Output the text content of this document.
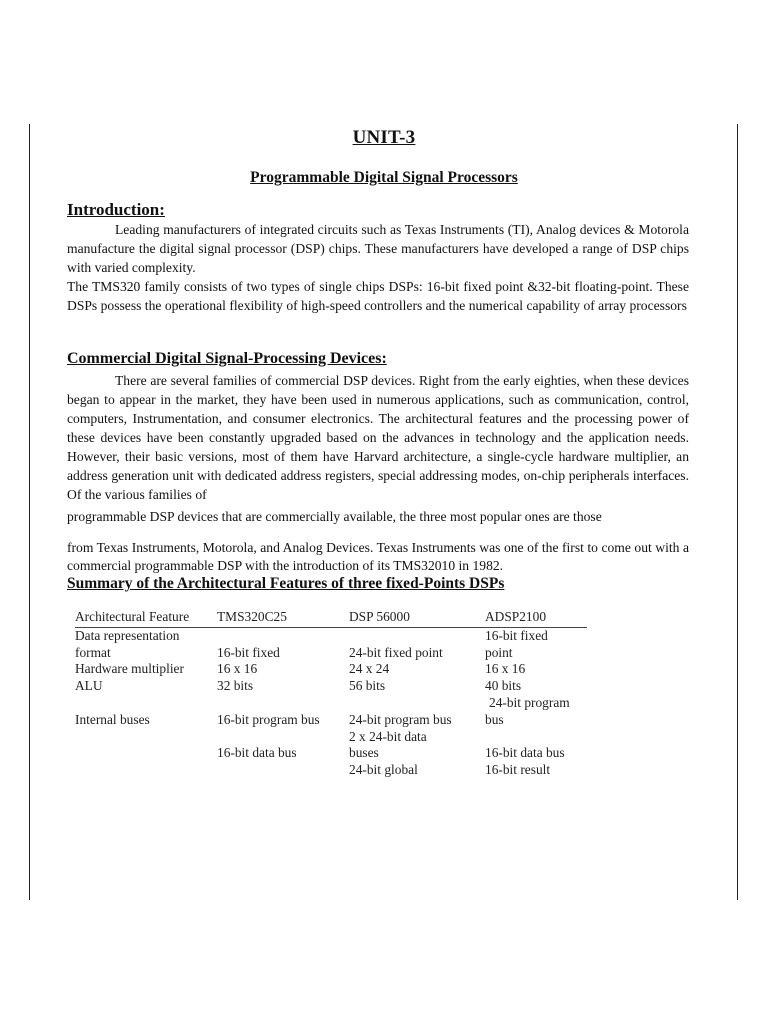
UNIT-3
Programmable Digital Signal Processors
Introduction:

Leading manufacturers of integrated circuits such as Texas Instruments (TI), Analog devices & Motorola manufacture the digital signal processor (DSP) chips. These manufacturers have developed a range of DSP chips with varied complexity.

The TMS320 family consists of two types of single chips DSPs: 16-bit fixed point &32-bit floating-point. These DSPs possess the operational flexibility of high-speed controllers and the numerical capability of array processors

Commercial Digital Signal-Processing Devices:

There are several families of commercial DSP devices. Right from the early eighties, when these devices began to appear in the market, they have been used in numerous applications, such as communication, control, computers, Instrumentation, and consumer electronics. The architectural features and the processing power of these devices have been constantly upgraded based on the advances in technology and the application needs. However, their basic versions, most of them have Harvard architecture, a single-cycle hardware multiplier, an address generation unit with dedicated address registers, special addressing modes, on-chip peripherals interfaces. Of the various families of

programmable DSP devices that are commercially available, the three most popular ones are those

from Texas Instruments, Motorola, and Analog Devices. Texas Instruments was one of the first to come out with a commercial programmable DSP with the introduction of its TMS32010 in 1982.

Summary of the Architectural Features of three fixed-Points DSPs
Architectural Feature	TMS320C25	DSP 56000	ADSP2100
Data representation			16-bit fixed
format	16-bit fixed	24-bit fixed point	point
Hardware multiplier	16 x 16	24 x 24	16 x 16
ALU	32 bits	56 bits	40 bits
			24-bit program
Internal buses	16-bit program bus	24-bit program bus	bus
		2 x 24-bit data	
	16-bit data bus	buses	16-bit data bus
		24-bit global	16-bit result
